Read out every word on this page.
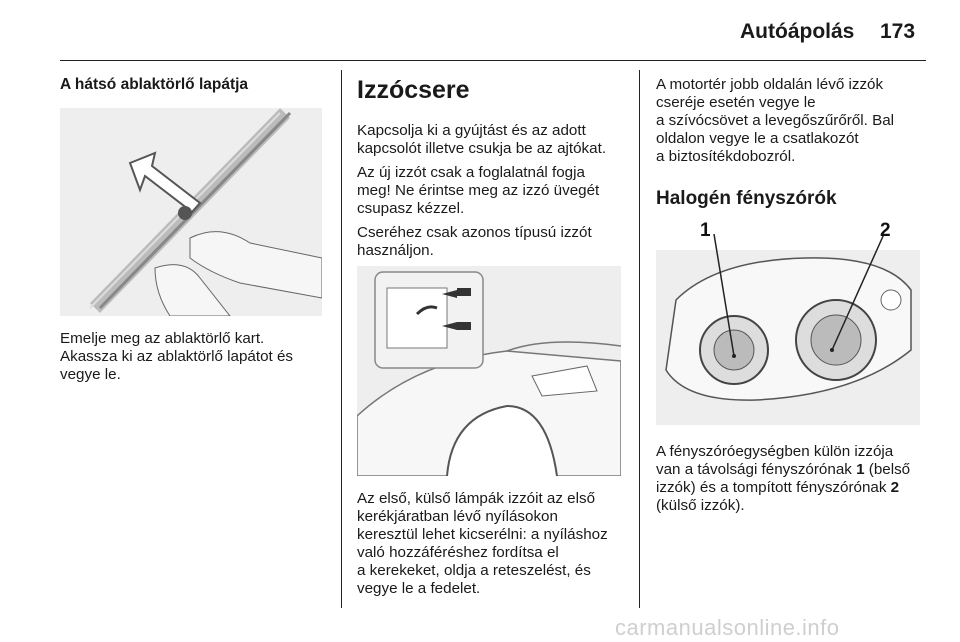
Autóápolás 173
A hátsó ablaktörlő lapátja
Emelje meg az ablaktörlő kart.
Akassza ki az ablaktörlő lapátot és
vegye le.
Izzócsere

Kapcsolja ki a gyújtást és az adott
kapcsolót illetve csukja be az ajtókat.

Az új izzót csak a foglalatnál fogja
meg! Ne érintse meg az izzó üvegét
csupasz kézzel.

Cseréhez csak azonos típusú izzót
használjon.

Az első, külső lámpák izzóit az első
kerékjáratban lévő nyílásokon
keresztül lehet kicserélni: a nyíláshoz
való hozzáféréshez fordítsa el
a kerekeket, oldja a reteszelést, és
vegye le a fedelet.
A motortér jobb oldalán lévő izzók
cseréje esetén vegye le
a szívócsövet a levegőszűrőről. Bal
oldalon vegye le a csatlakozót
a biztosítékdobozról.
Halogén fényszórók
1	2
A fényszóróegységben külön izzója
van a távolsági fényszórónak 1 (belső
izzók) és a tompított fényszórónak 2
(külső izzók).
carmanualsonline.info
